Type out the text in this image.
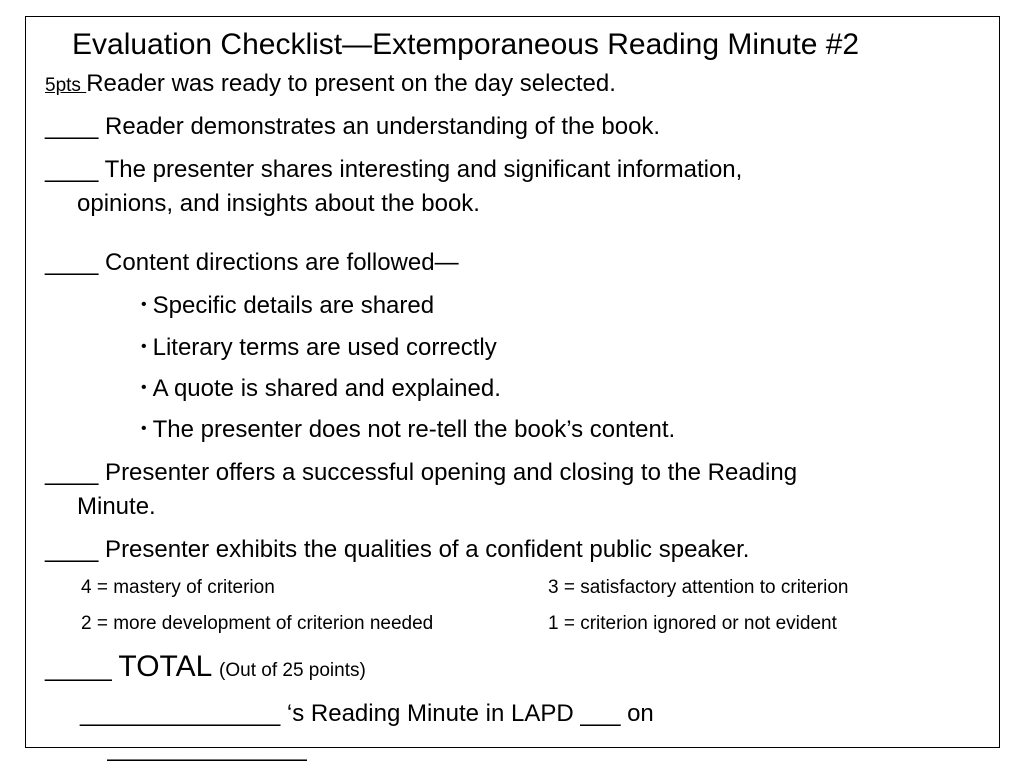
Evaluation Checklist—Extemporaneous Reading Minute #2
5pts Reader was ready to present on the day selected.
____ Reader demonstrates an understanding of the book.
____ The presenter shares interesting and significant information,
opinions, and insights about the book.
____ Content directions are followed—
• Specific details are shared
• Literary terms are used correctly
• A quote is shared and explained.
• The presenter does not re-tell the book’s content.
____ Presenter offers a successful opening and closing to the Reading
Minute.
____ Presenter exhibits the qualities of a confident public speaker.
4 = mastery of criterion	3 = satisfactory attention to criterion
2 = more development of criterion needed	1 = criterion ignored or not evident
_____ TOTAL (Out of 25 points)
_______________ ‘s Reading Minute in LAPD ___ on
_______________
